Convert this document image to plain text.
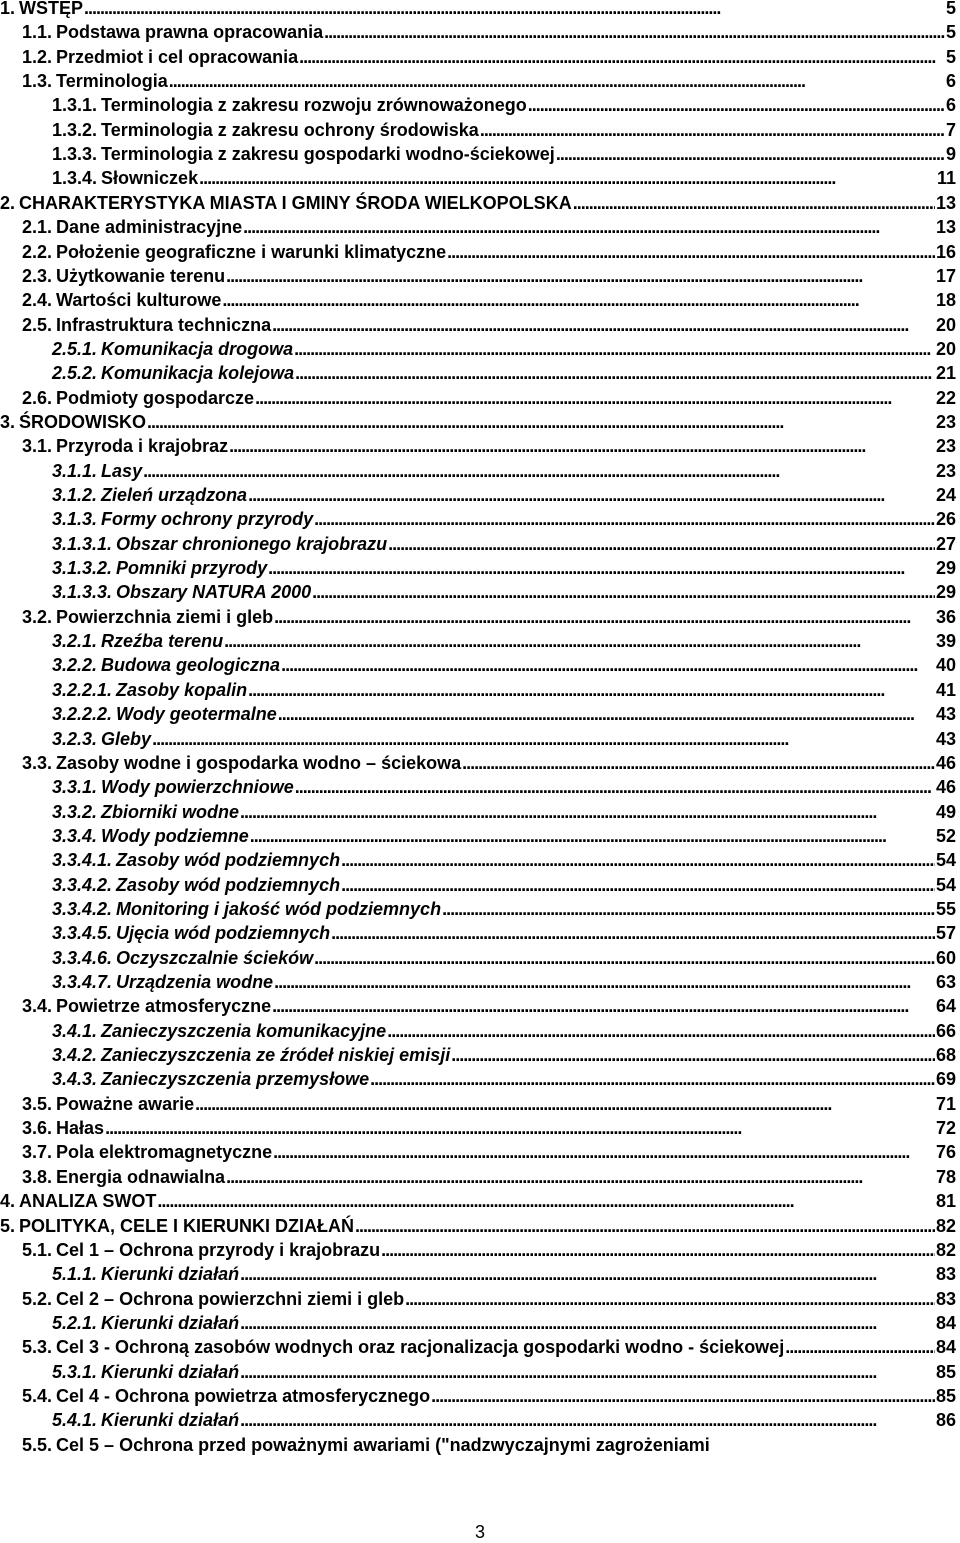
1. WSTĘP . . .	5
1.1. Podstawa prawna opracowania . . .	5
1.2. Przedmiot i cel opracowania . . .	5
1.3. Terminologia . . .	6
1.3.1. Terminologia z zakresu rozwoju zrównoważonego . . .	6
1.3.2. Terminologia z zakresu ochrony środowiska . . .	7
1.3.3. Terminologia z zakresu gospodarki wodno-ściekowej . . .	9
1.3.4. Słowniczek . . .	11
2. CHARAKTERYSTYKA MIASTA I GMINY ŚRODA WIELKOPOLSKA . . .	13
2.1. Dane administracyjne . . .	13
2.2. Położenie geograficzne i warunki klimatyczne . . .	16
2.3. Użytkowanie terenu . . .	17
2.4. Wartości kulturowe . . .	18
2.5. Infrastruktura techniczna . . .	20
2.5.1. Komunikacja drogowa . . .	20
2.5.2. Komunikacja kolejowa . . .	21
2.6. Podmioty gospodarcze . . .	22
3. ŚRODOWISKO . . .	23
3.1. Przyroda i krajobraz . . .	23
3.1.1. Lasy . . .	23
3.1.2. Zieleń urządzona . . .	24
3.1.3. Formy ochrony przyrody . . .	26
3.1.3.1. Obszar chronionego krajobrazu . . .	27
3.1.3.2. Pomniki przyrody . . .	29
3.1.3.3. Obszary NATURA 2000 . . .	29
3.2. Powierzchnia ziemi i gleb . . .	36
3.2.1. Rzeźba terenu . . .	39
3.2.2. Budowa geologiczna . . .	40
3.2.2.1. Zasoby kopalin . . .	41
3.2.2.2. Wody geotermalne . . .	43
3.2.3. Gleby . . .	43
3.3. Zasoby wodne i gospodarka wodno – ściekowa . . .	46
3.3.1. Wody powierzchniowe . . .	46
3.3.2. Zbiorniki wodne . . .	49
3.3.4. Wody podziemne . . .	52
3.3.4.1. Zasoby wód podziemnych . . .	54
3.3.4.2. Zasoby wód podziemnych . . .	54
3.3.4.2. Monitoring i jakość wód podziemnych . . .	55
3.3.4.5. Ujęcia wód podziemnych . . .	57
3.3.4.6. Oczyszczalnie ścieków . . .	60
3.3.4.7. Urządzenia wodne . . .	63
3.4. Powietrze atmosferyczne . . .	64
3.4.1. Zanieczyszczenia komunikacyjne . . .	66
3.4.2. Zanieczyszczenia ze źródeł niskiej emisji . . .	68
3.4.3. Zanieczyszczenia przemysłowe . . .	69
3.5. Poważne awarie . . .	71
3.6. Hałas . . .	72
3.7. Pola elektromagnetyczne . . .	76
3.8. Energia odnawialna . . .	78
4. ANALIZA SWOT . . .	81
5. POLITYKA, CELE I KIERUNKI DZIAŁAŃ . . .	82
5.1. Cel 1 – Ochrona przyrody i krajobrazu . . .	82
5.1.1. Kierunki działań . . .	83
5.2. Cel 2 – Ochrona powierzchni ziemi i gleb . . .	83
5.2.1. Kierunki działań . . .	84
5.3. Cel 3 - Ochroną zasobów wodnych oraz racjonalizacja gospodarki wodno - ściekowej . . .	84
5.3.1. Kierunki działań . . .	85
5.4. Cel 4 - Ochrona powietrza atmosferycznego . . .	85
5.4.1. Kierunki działań . . .	86
5.5. Cel 5 – Ochrona przed poważnymi awariami ("nadzwyczajnymi zagrożeniami
3
